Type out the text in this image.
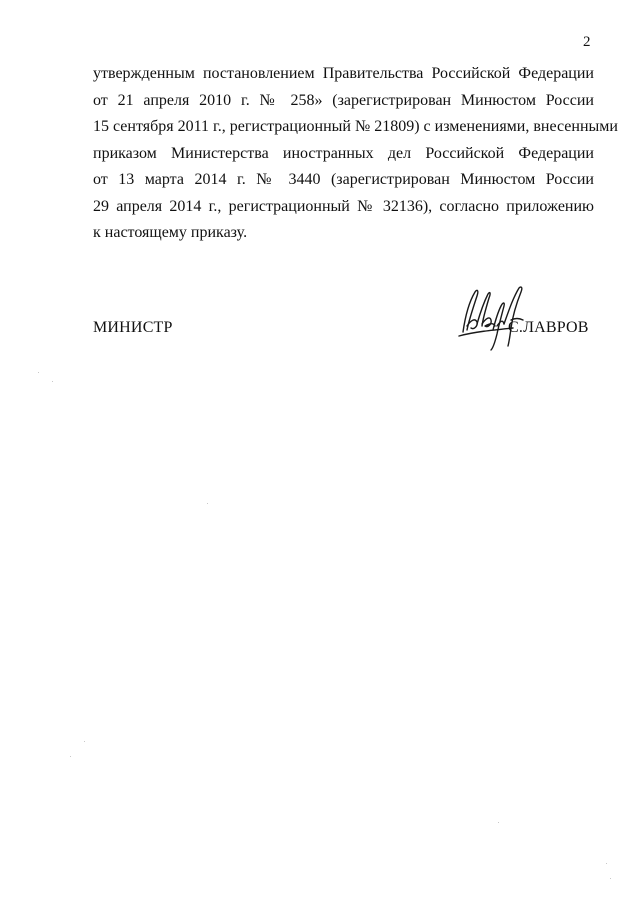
2
утвержденным постановлением Правительства Российской Федерации
от 21 апреля 2010 г. № 258» (зарегистрирован Минюстом России
15 сентября 2011 г., регистрационный № 21809) с изменениями, внесенными
приказом Министерства иностранных дел Российской Федерации
от 13 марта 2014 г. № 3440 (зарегистрирован Минюстом России
29 апреля 2014 г., регистрационный № 32136), согласно приложению
к настоящему приказу.
МИНИСТР	С.ЛАВРОВ
